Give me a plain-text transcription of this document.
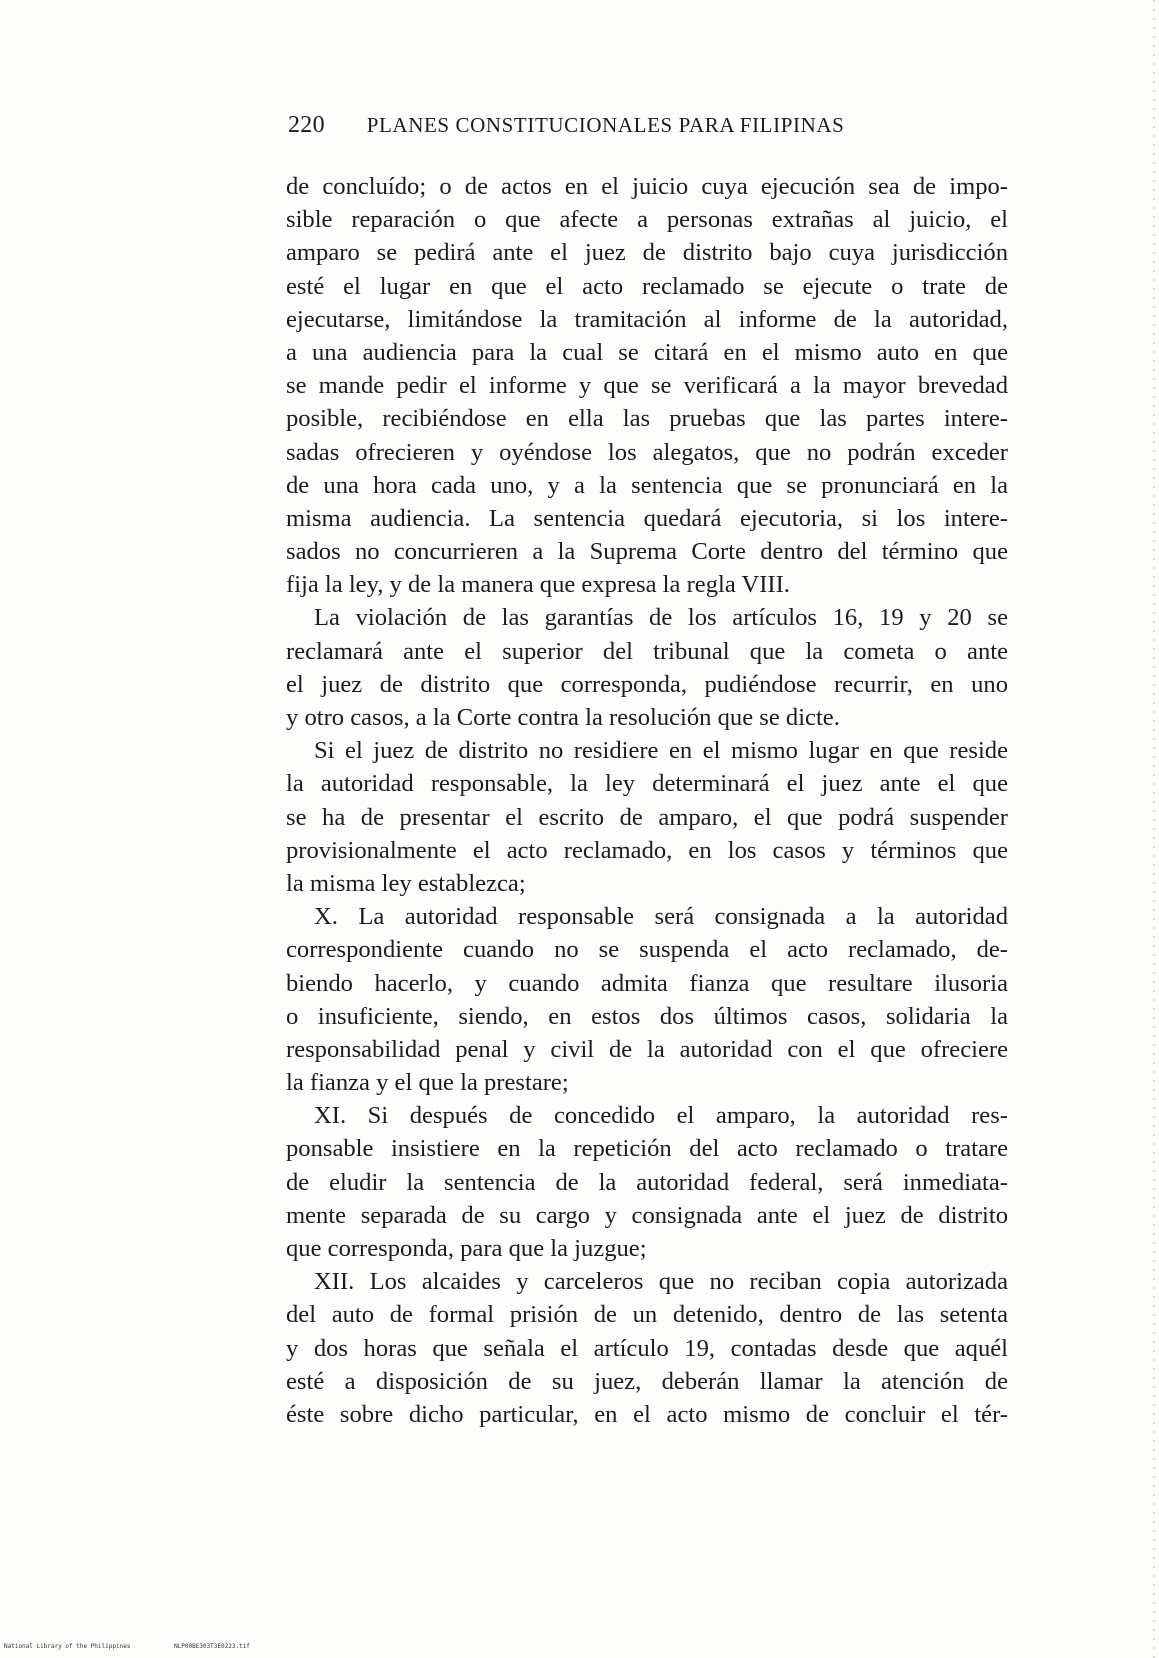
220 PLANES CONSTITUCIONALES PARA FILIPINAS

de concluído; o de actos en el juicio cuya ejecución sea de impo-
sible reparación o que afecte a personas extrañas al juicio, el
amparo se pedirá ante el juez de distrito bajo cuya jurisdicción
esté el lugar en que el acto reclamado se ejecute o trate de
ejecutarse, limitándose la tramitación al informe de la autoridad,
a una audiencia para la cual se citará en el mismo auto en que
se mande pedir el informe y que se verificará a la mayor brevedad
posible, recibiéndose en ella las pruebas que las partes intere-
sadas ofrecieren y oyéndose los alegatos, que no podrán exceder
de una hora cada uno, y a la sentencia que se pronunciará en la
misma audiencia. La sentencia quedará ejecutoria, si los intere-
sados no concurrieren a la Suprema Corte dentro del término que
fija la ley, y de la manera que expresa la regla VIII.

La violación de las garantías de los artículos 16, 19 y 20 se
reclamará ante el superior del tribunal que la cometa o ante
el juez de distrito que corresponda, pudiéndose recurrir, en uno
y otro casos, a la Corte contra la resolución que se dicte.

Si el juez de distrito no residiere en el mismo lugar en que reside
la autoridad responsable, la ley determinará el juez ante el que
se ha de presentar el escrito de amparo, el que podrá suspender
provisionalmente el acto reclamado, en los casos y términos que
la misma ley establezca;

X. La autoridad responsable será consignada a la autoridad
correspondiente cuando no se suspenda el acto reclamado, de-
biendo hacerlo, y cuando admita fianza que resultare ilusoria
o insuficiente, siendo, en estos dos últimos casos, solidaria la
responsabilidad penal y civil de la autoridad con el que ofreciere
la fianza y el que la prestare;

XI. Si después de concedido el amparo, la autoridad res-
ponsable insistiere en la repetición del acto reclamado o tratare
de eludir la sentencia de la autoridad federal, será inmediata-
mente separada de su cargo y consignada ante el juez de distrito
que corresponda, para que la juzgue;

XII. Los alcaides y carceleros que no reciban copia autorizada
del auto de formal prisión de un detenido, dentro de las setenta
y dos horas que señala el artículo 19, contadas desde que aquél
esté a disposición de su juez, deberán llamar la atención de
éste sobre dicho particular, en el acto mismo de concluir el tér-

National Library of the Philippines	NLP00BE303T3E0223.tif
